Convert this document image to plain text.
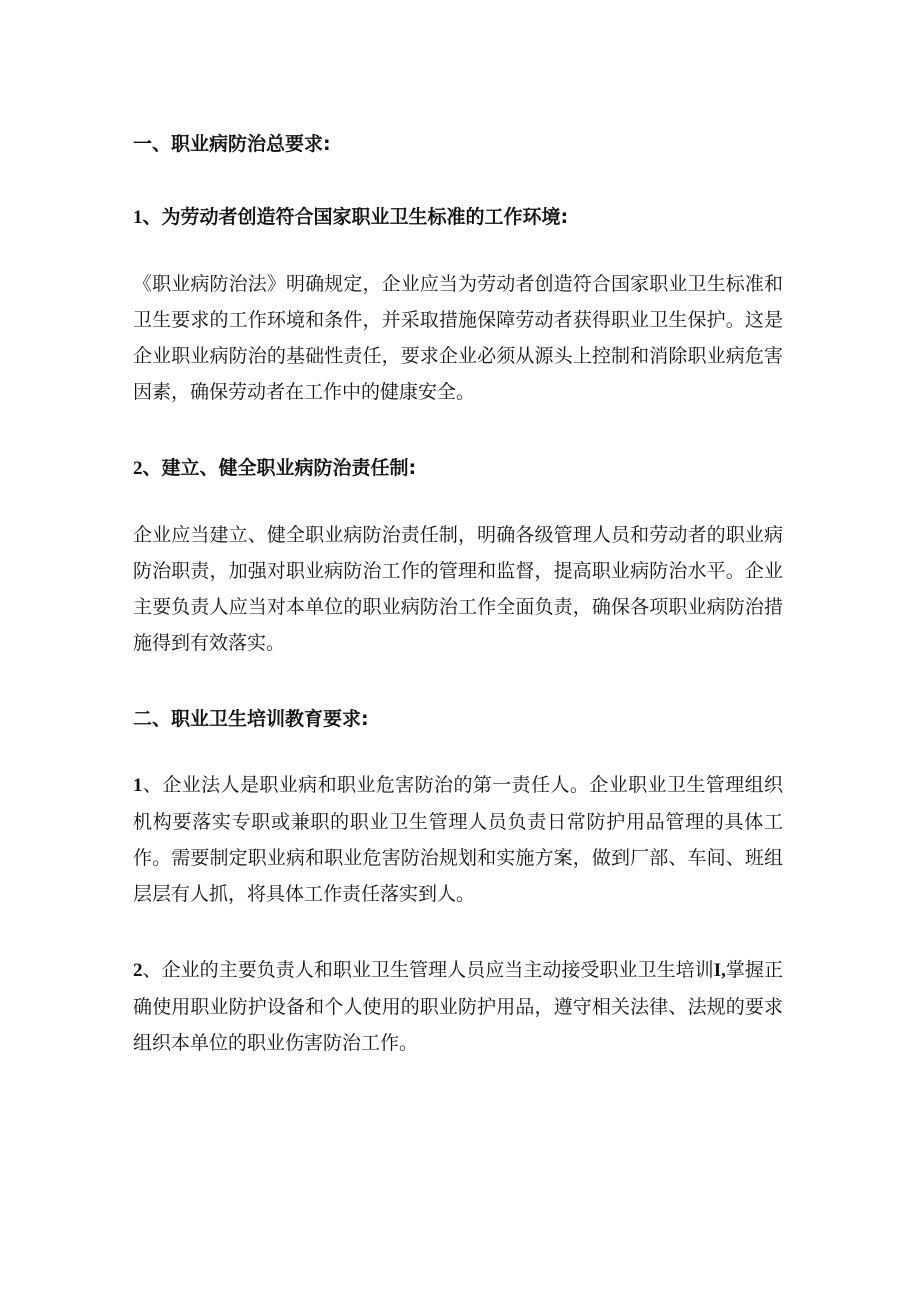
一、职业病防治总要求:

1、为劳动者创造符合国家职业卫生标准的工作环境:

《职业病防治法》明确规定，企业应当为劳动者创造符合国家职业卫生标准和卫生要求的工作环境和条件，并采取措施保障劳动者获得职业卫生保护。这是企业职业病防治的基础性责任，要求企业必须从源头上控制和消除职业病危害因素，确保劳动者在工作中的健康安全。

2、建立、健全职业病防治责任制:

企业应当建立、健全职业病防治责任制，明确各级管理人员和劳动者的职业病防治职责，加强对职业病防治工作的管理和监督，提高职业病防治水平。企业主要负责人应当对本单位的职业病防治工作全面负责，确保各项职业病防治措施得到有效落实。

二、职业卫生培训教育要求:

1、企业法人是职业病和职业危害防治的第一责任人。企业职业卫生管理组织机构要落实专职或兼职的职业卫生管理人员负责日常防护用品管理的具体工作。需要制定职业病和职业危害防治规划和实施方案，做到厂部、车间、班组层层有人抓，将具体工作责任落实到人。

2、企业的主要负责人和职业卫生管理人员应当主动接受职业卫生培训I,掌握正确使用职业防护设备和个人使用的职业防护用品，遵守相关法律、法规的要求组织本单位的职业伤害防治工作。
